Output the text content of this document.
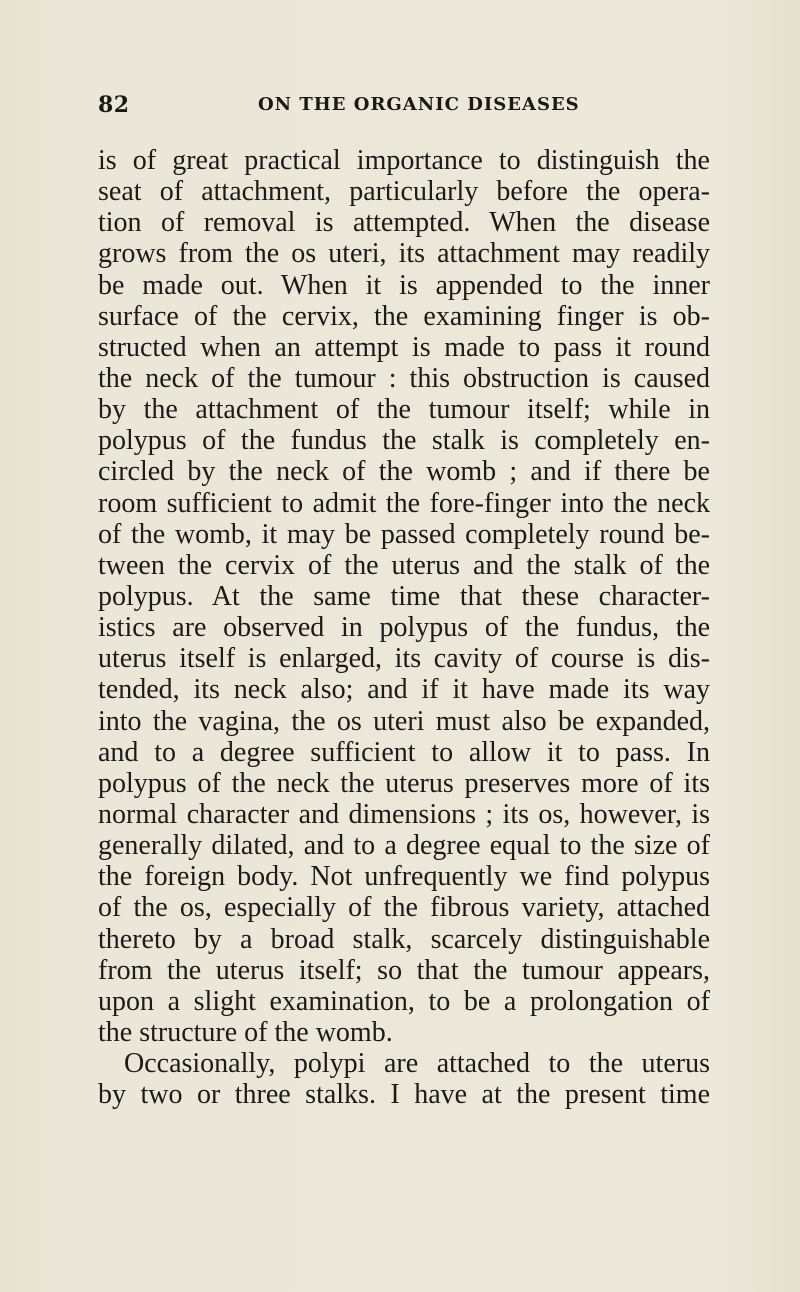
82	ON THE ORGANIC DISEASES
is of great practical importance to distinguish the
seat of attachment, particularly before the opera-
tion of removal is attempted. When the disease
grows from the os uteri, its attachment may readily
be made out. When it is appended to the inner
surface of the cervix, the examining finger is ob-
structed when an attempt is made to pass it round
the neck of the tumour : this obstruction is caused
by the attachment of the tumour itself; while in
polypus of the fundus the stalk is completely en-
circled by the neck of the womb ; and if there be
room sufficient to admit the fore-finger into the neck
of the womb, it may be passed completely round be-
tween the cervix of the uterus and the stalk of the
polypus. At the same time that these character-
istics are observed in polypus of the fundus, the
uterus itself is enlarged, its cavity of course is dis-
tended, its neck also; and if it have made its way
into the vagina, the os uteri must also be expanded,
and to a degree sufficient to allow it to pass. In
polypus of the neck the uterus preserves more of its
normal character and dimensions ; its os, however, is
generally dilated, and to a degree equal to the size of
the foreign body. Not unfrequently we find polypus
of the os, especially of the fibrous variety, attached
thereto by a broad stalk, scarcely distinguishable
from the uterus itself; so that the tumour appears,
upon a slight examination, to be a prolongation of
the structure of the womb.
Occasionally, polypi are attached to the uterus
by two or three stalks. I have at the present time
